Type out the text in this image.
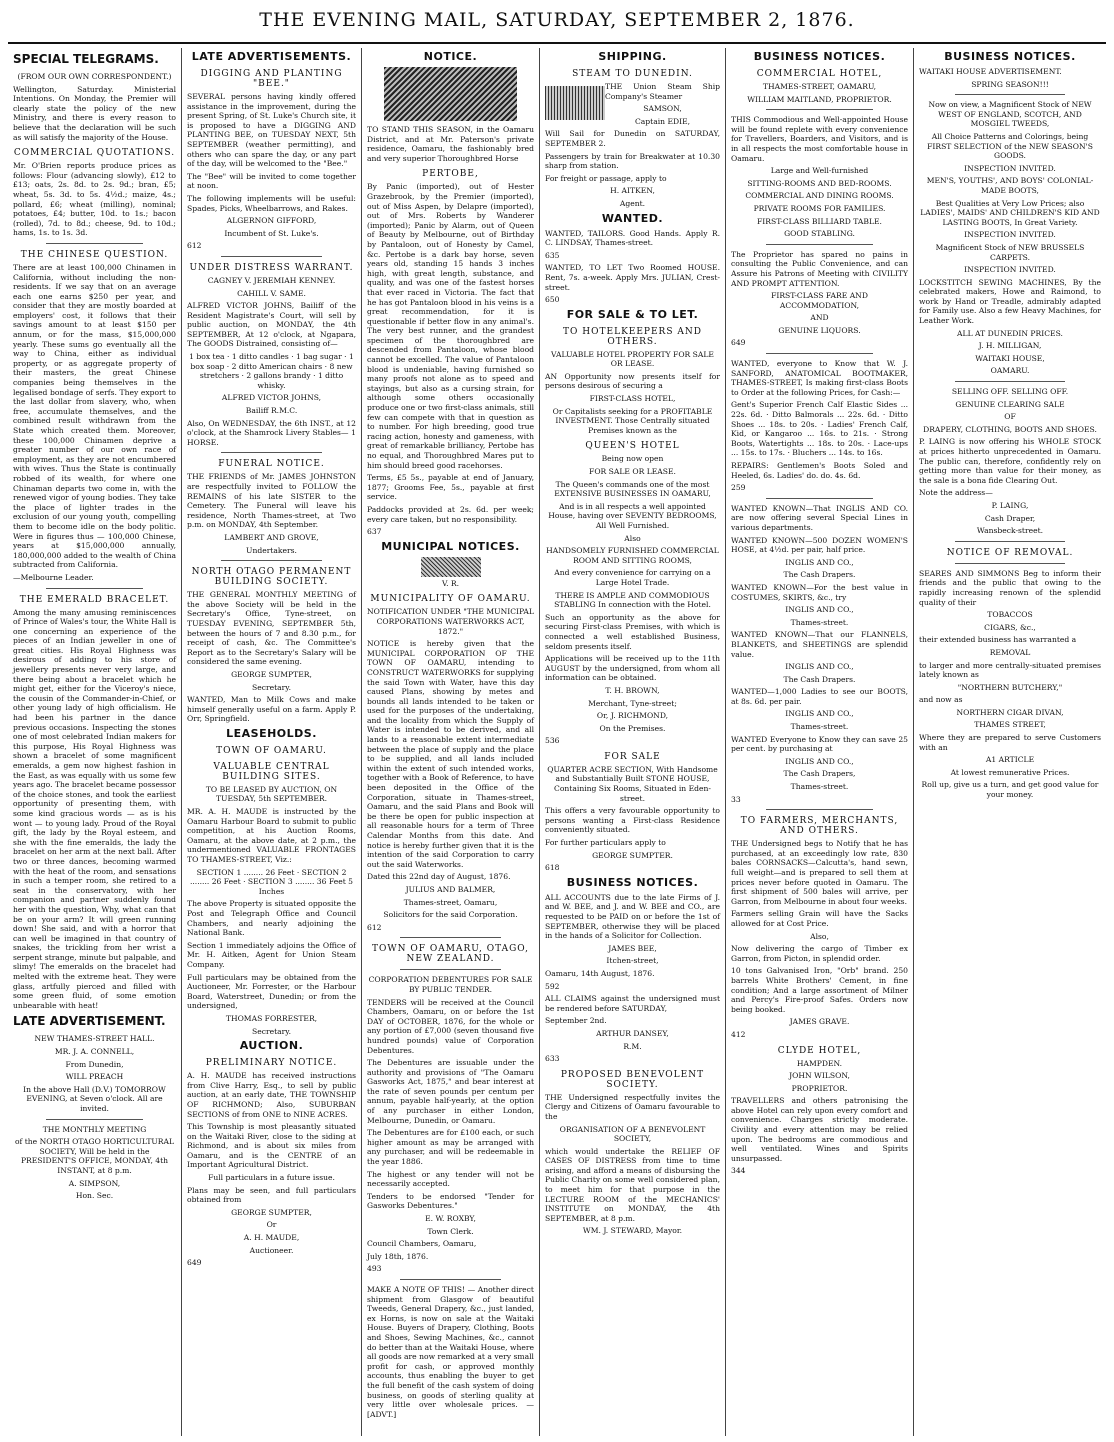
THE EVENING MAIL, SATURDAY, SEPTEMBER 2, 1876.
SPECIAL TELEGRAMS.

(FROM OUR OWN CORRESPONDENT.)

Wellington, Saturday. Ministerial Intentions. On Monday, the Premier will clearly state the policy of the new Ministry, and there is every reason to believe that the declaration will be such as will satisfy the majority of the House.

COMMERCIAL QUOTATIONS.

Mr. O'Brien reports produce prices as follows: Flour (advancing slowly), £12 to £13; oats, 2s. 8d. to 2s. 9d.; bran, £5; wheat, 5s. 3d. to 5s. 4½d.; maize, 4s.; pollard, £6; wheat (milling), nominal; potatoes, £4; butter, 10d. to 1s.; bacon (rolled), 7d. to 8d.; cheese, 9d. to 10d.; hams, 1s. to 1s. 3d.

THE CHINESE QUESTION.

There are at least 100,000 Chinamen in California, without including the non-residents. If we say that on an average each one earns $250 per year, and consider that they are mostly boarded at employers' cost, it follows that their savings amount to at least $150 per annum, or for the mass, $15,000,000 yearly. These sums go eventually all the way to China, either as individual property, or as aggregate property of their masters, the great Chinese companies being themselves in the legalised bondage of serfs. They export to the last dollar from slavery, who, when free, accumulate themselves, and the combined result withdrawn from the State which created them. Moreover, these 100,000 Chinamen deprive a greater number of our own race of employment, as they are not encumbered with wives. Thus the State is continually robbed of its wealth, for where one Chinaman departs two come in, with the renewed vigor of young bodies. They take the place of lighter trades in the exclusion of our young youth, compelling them to become idle on the body politic. Were in figures thus — 100,000 Chinese, years at $15,000,000 annually, 180,000,000 added to the wealth of China subtracted from California.

—Melbourne Leader.

THE EMERALD BRACELET.

Among the many amusing reminiscences of Prince of Wales's tour, the White Hall is one concerning an experience of the pieces of an Indian jeweller in one of great cities. His Royal Highness was desirous of adding to his store of jewellery presents never very large, and there being about a bracelet which he might get, either for the Viceroy's niece, the cousin of the Commander-in-Chief, or other young lady of high officialism. He had been his partner in the dance previous occasions. Inspecting the stones one of most celebrated Indian makers for this purpose, His Royal Highness was shown a bracelet of some magnificent emeralds, a gem now highest fashion in the East, as was equally with us some few years ago. The bracelet became possessor of the choice stones, and took the earliest opportunity of presenting them, with some kind gracious words — as is his wont — to young lady. Proud of the Royal gift, the lady by the Royal esteem, and she with the fine emeralds, the lady the bracelet on her arm at the next ball. After two or three dances, becoming warmed with the heat of the room, and sensations in such a temper room, she retired to a seat in the conservatory, with her companion and partner suddenly found her with the question, Why, what can that be on your arm? It will green running down! She said, and with a horror that can well be imagined in that country of snakes, the trickling from her wrist a serpent strange, minute but palpable, and slimy! The emeralds on the bracelet had melted with the extreme heat. They were glass, artfully pierced and filled with some green fluid, of some emotion unbearable with heat!

LATE ADVERTISEMENT.

NEW THAMES-STREET HALL.

MR. J. A. CONNELL,

From Dunedin,

WILL PREACH

In the above Hall (D.V.) TOMORROW EVENING, at Seven o'clock. All are invited.

THE MONTHLY MEETING

of the NORTH OTAGO HORTICULTURAL SOCIETY, Will be held in the PRESIDENT'S OFFICE, MONDAY, 4th INSTANT, at 8 p.m.

A. SIMPSON,

Hon. Sec.

LATE ADVERTISEMENTS.
DIGGING AND PLANTING "BEE."

SEVERAL persons having kindly offered assistance in the improvement, during the present Spring, of St. Luke's Church site, it is proposed to have a DIGGING AND PLANTING BEE, on TUESDAY NEXT, 5th SEPTEMBER (weather permitting), and others who can spare the day, or any part of the day, will be welcomed to the "Bee."

The "Bee" will be invited to come together at noon.

The following implements will be useful: Spades, Picks, Wheelbarrows, and Rakes.

ALGERNON GIFFORD,

Incumbent of St. Luke's.

612

UNDER DISTRESS WARRANT.

CAGNEY V. JEREMIAH KENNEY.

CAHILL V. SAME.

ALFRED VICTOR JOHNS, Bailiff of the Resident Magistrate's Court, will sell by public auction, on MONDAY, the 4th SEPTEMBER, At 12 o'clock, at Ngapara, The GOODS Distrained, consisting of—

1 box tea · 1 ditto candles · 1 bag sugar · 1 box soap · 2 ditto American chairs · 8 new stretchers · 2 gallons brandy · 1 ditto whisky.

ALFRED VICTOR JOHNS,

Bailiff R.M.C.

Also, On WEDNESDAY, the 6th INST., at 12 o'clock, at the Shamrock Livery Stables— 1 HORSE.

FUNERAL NOTICE.

THE FRIENDS of Mr. JAMES JOHNSTON are respectfully invited to FOLLOW the REMAINS of his late SISTER to the Cemetery. The Funeral will leave his residence, North Thames-street, at Two p.m. on MONDAY, 4th September.

LAMBERT AND GROVE,

Undertakers.

NORTH OTAGO PERMANENT BUILDING SOCIETY.

THE GENERAL MONTHLY MEETING of the above Society will be held in the Secretary's Office, Tyne-street, on TUESDAY EVENING, SEPTEMBER 5th, between the hours of 7 and 8.30 p.m., for receipt of cash, &c. The Committee's Report as to the Secretary's Salary will be considered the same evening.

GEORGE SUMPTER,

Secretary.

WANTED, Man to Milk Cows and make himself generally useful on a farm. Apply P. Orr, Springfield.

LEASEHOLDS.
TOWN OF OAMARU.
VALUABLE CENTRAL BUILDING SITES.

TO BE LEASED BY AUCTION, ON TUESDAY, 5th SEPTEMBER.

MR. A. H. MAUDE is instructed by the Oamaru Harbour Board to submit to public competition, at his Auction Rooms, Oamaru, at the above date, at 2 p.m., the undermentioned VALUABLE FRONTAGES TO THAMES-STREET, Viz.:

SECTION 1 ........ 26 Feet · SECTION 2 ........ 26 Feet · SECTION 3 ........ 36 Feet 5 Inches

The above Property is situated opposite the Post and Telegraph Office and Council Chambers, and nearly adjoining the National Bank.

Section 1 immediately adjoins the Office of Mr. H. Aitken, Agent for Union Steam Company.

Full particulars may be obtained from the Auctioneer, Mr. Forrester, or the Harbour Board, Waterstreet, Dunedin; or from the undersigned,

THOMAS FORRESTER,

Secretary.

AUCTION.
PRELIMINARY NOTICE.

A. H. MAUDE has received instructions from Clive Harry, Esq., to sell by public auction, at an early date, THE TOWNSHIP OF RICHMOND; Also, SUBURBAN SECTIONS of from ONE to NINE ACRES.

This Township is most pleasantly situated on the Waitaki River, close to the siding at Richmond, and is about six miles from Oamaru, and is the CENTRE of an Important Agricultural District.

Full particulars in a future issue.

Plans may be seen, and full particulars obtained from

GEORGE SUMPTER,

Or

A. H. MAUDE,

Auctioneer.

649

NOTICE.

TO STAND THIS SEASON, in the Oamaru District, and at Mr. Paterson's private residence, Oamaru, the fashionably bred and very superior Thoroughbred Horse

PERTOBE,

By Panic (imported), out of Hester Grazebrook, by the Premier (imported), out of Miss Aspen, by Delapre (imported), out of Mrs. Roberts by Wanderer (imported); Panic by Alarm, out of Queen of Beauty by Melbourne, out of Birthday by Pantaloon, out of Honesty by Camel, &c. Pertobe is a dark bay horse, seven years old, standing 15 hands 3 inches high, with great length, substance, and quality, and was one of the fastest horses that ever raced in Victoria. The fact that he has got Pantaloon blood in his veins is a great recommendation, for it is questionable if better flow in any animal's. The very best runner, and the grandest specimen of the thoroughbred are descended from Pantaloon, whose blood cannot be excelled. The value of Pantaloon blood is undeniable, having furnished so many proofs not alone as to speed and stayings, but also as a cursing strain, for although some others occasionally produce one or two first-class animals, still few can compete with that in question as to number. For high breeding, good true racing action, honesty and gameness, with great of remarkable brilliancy, Pertobe has no equal, and Thoroughbred Mares put to him should breed good racehorses.

Terms, £5 5s., payable at end of January, 1877; Grooms Fee, 5s., payable at first service.

Paddocks provided at 2s. 6d. per week; every care taken, but no responsibility.

637

MUNICIPAL NOTICES.

V. R.

MUNICIPALITY OF OAMARU.

NOTIFICATION UNDER "THE MUNICIPAL CORPORATIONS WATERWORKS ACT, 1872."

NOTICE is hereby given that the MUNICIPAL CORPORATION OF THE TOWN OF OAMARU, intending to CONSTRUCT WATERWORKS for supplying the said Town with Water, have this day caused Plans, showing by metes and bounds all lands intended to be taken or used for the purposes of the undertaking, and the locality from which the Supply of Water is intended to be derived, and all lands to a reasonable extent intermediate between the place of supply and the place to be supplied, and all lands included within the extent of such intended works, together with a Book of Reference, to have been deposited in the Office of the Corporation, situate in Thames-street, Oamaru, and the said Plans and Book will be there be open for public inspection at all reasonable hours for a term of Three Calendar Months from this date. And notice is hereby further given that it is the intention of the said Corporation to carry out the said Waterworks.

Dated this 22nd day of August, 1876.

JULIUS AND BALMER,

Thames-street, Oamaru,

Solicitors for the said Corporation.

612

TOWN OF OAMARU, OTAGO, NEW ZEALAND.

CORPORATION DEBENTURES FOR SALE BY PUBLIC TENDER.

TENDERS will be received at the Council Chambers, Oamaru, on or before the 1st DAY of OCTOBER, 1876, for the whole or any portion of £7,000 (seven thousand five hundred pounds) value of Corporation Debentures.

The Debentures are issuable under the authority and provisions of "The Oamaru Gasworks Act, 1875," and bear interest at the rate of seven pounds per centum per annum, payable half-yearly, at the option of any purchaser in either London, Melbourne, Dunedin, or Oamaru.

The Debentures are for £100 each, or such higher amount as may be arranged with any purchaser, and will be redeemable in the year 1886.

The highest or any tender will not be necessarily accepted.

Tenders to be endorsed "Tender for Gasworks Debentures."

E. W. ROXBY,

Town Clerk.

Council Chambers, Oamaru,

July 18th, 1876.

493

MAKE A NOTE OF THIS! — Another direct shipment from Glasgow of beautiful Tweeds, General Drapery, &c., just landed, ex Horns, is now on sale at the Waitaki House. Buyers of Drapery, Clothing, Boots and Shoes, Sewing Machines, &c., cannot do better than at the Waitaki House, where all goods are now remarked at a very small profit for cash, or approved monthly accounts, thus enabling the buyer to get the full benefit of the cash system of doing business, on goods of sterling quality at very little over wholesale prices. — [ADVT.]

SHIPPING.
STEAM TO DUNEDIN.

THE Union Steam Ship Company's Steamer

SAMSON,

Captain EDIE,

Will Sail for Dunedin on SATURDAY, SEPTEMBER 2.

Passengers by train for Breakwater at 10.30 sharp from station.

For freight or passage, apply to

H. AITKEN,

Agent.

WANTED.

WANTED, TAILORS. Good Hands. Apply R. C. LINDSAY, Thames-street.

635

WANTED, TO LET Two Roomed HOUSE. Rent, 7s. a-week. Apply Mrs. JULIAN, Crest-street.

650

FOR SALE & TO LET.
TO HOTELKEEPERS AND OTHERS.

VALUABLE HOTEL PROPERTY FOR SALE OR LEASE.

AN Opportunity now presents itself for persons desirous of securing a

FIRST-CLASS HOTEL,

Or Capitalists seeking for a PROFITABLE INVESTMENT. Those Centrally situated Premises known as the

QUEEN'S HOTEL

Being now open

FOR SALE OR LEASE.

The Queen's commands one of the most EXTENSIVE BUSINESSES IN OAMARU,

And is in all respects a well appointed House, having over SEVENTY BEDROOMS, All Well Furnished.

Also

HANDSOMELY FURNISHED COMMERCIAL ROOM AND SITTING ROOMS,

And every convenience for carrying on a Large Hotel Trade.

THERE IS AMPLE AND COMMODIOUS STABLING In connection with the Hotel.

Such an opportunity as the above for securing First-class Premises, with which is connected a well established Business, seldom presents itself.

Applications will be received up to the 11th AUGUST by the undersigned, from whom all information can be obtained.

T. H. BROWN,

Merchant, Tyne-street;

Or, J. RICHMOND,

On the Premises.

536

FOR SALE

QUARTER ACRE SECTION, With Handsome and Substantially Built STONE HOUSE, Containing Six Rooms, Situated in Eden-street.

This offers a very favourable opportunity to persons wanting a First-class Residence conveniently situated.

For further particulars apply to

GEORGE SUMPTER.

618

BUSINESS NOTICES.

ALL ACCOUNTS due to the late Firms of J. and W. BEE, and J. and W. BEE and CO., are requested to be PAID on or before the 1st of SEPTEMBER, otherwise they will be placed in the hands of a Solicitor for Collection.

JAMES BEE,

Itchen-street,

Oamaru, 14th August, 1876.

592

ALL CLAIMS against the undersigned must be rendered before SATURDAY,

September 2nd.

ARTHUR DANSEY,

R.M.

633

PROPOSED BENEVOLENT SOCIETY.

THE Undersigned respectfully invites the Clergy and Citizens of Oamaru favourable to the

ORGANISATION OF A BENEVOLENT SOCIETY,

which would undertake the RELIEF OF CASES OF DISTRESS from time to time arising, and afford a means of disbursing the Public Charity on some well considered plan, to meet him for that purpose in the LECTURE ROOM of the MECHANICS' INSTITUTE on MONDAY, the 4th SEPTEMBER, at 8 p.m.

WM. J. STEWARD, Mayor.

BUSINESS NOTICES.
COMMERCIAL HOTEL,

THAMES-STREET, OAMARU,

WILLIAM MAITLAND, PROPRIETOR.

THIS Commodious and Well-appointed House will be found replete with every convenience for Travellers, Boarders, and Visitors, and is in all respects the most comfortable house in Oamaru.

Large and Well-furnished

SITTING-ROOMS AND BED-ROOMS.

COMMERCIAL AND DINING ROOMS.

PRIVATE ROOMS FOR FAMILIES.

FIRST-CLASS BILLIARD TABLE.

GOOD STABLING.

The Proprietor has spared no pains in consulting the Public Convenience, and can Assure his Patrons of Meeting with CIVILITY AND PROMPT ATTENTION.

FIRST-CLASS FARE AND ACCOMMODATION,

AND

GENUINE LIQUORS.

649

WANTED, everyone to Know that W. J. SANFORD, ANATOMICAL BOOTMAKER, THAMES-STREET, Is making first-class Boots to Order at the following Prices, for Cash:—

Gent's Superior French Calf Elastic Sides ... 22s. 6d. · Ditto Balmorals ... 22s. 6d. · Ditto Shoes ... 18s. to 20s. · Ladies' French Calf, Kid, or Kangaroo ... 16s. to 21s. · Strong Boots, Watertights ... 18s. to 20s. · Lace-ups ... 15s. to 17s. · Bluchers ... 14s. to 16s.

REPAIRS: Gentlemen's Boots Soled and Heeled, 6s. Ladies' do. do. 4s. 6d.

259

WANTED KNOWN—That INGLIS AND CO. are now offering several Special Lines in various departments.

WANTED KNOWN—500 DOZEN WOMEN'S HOSE, at 4½d. per pair, half price.

INGLIS AND CO.,

The Cash Drapers.

WANTED KNOWN—For the best value in COSTUMES, SKIRTS, &c., try

INGLIS AND CO.,

Thames-street.

WANTED KNOWN—That our FLANNELS, BLANKETS, and SHEETINGS are splendid value.

INGLIS AND CO.,

The Cash Drapers.

WANTED—1,000 Ladies to see our BOOTS, at 8s. 6d. per pair.

INGLIS AND CO.,

Thames-street.

WANTED Everyone to Know they can save 25 per cent. by purchasing at

INGLIS AND CO.,

The Cash Drapers,

Thames-street.

33

TO FARMERS, MERCHANTS, AND OTHERS.

THE Undersigned begs to Notify that he has purchased, at an exceedingly low rate, 830 bales CORNSACKS—Calcutta's, hand sewn, full weight—and is prepared to sell them at prices never before quoted in Oamaru. The first shipment of 500 bales will arrive, per Garron, from Melbourne in about four weeks.

Farmers selling Grain will have the Sacks allowed for at Cost Price.

Also,

Now delivering the cargo of Timber ex Garron, from Picton, in splendid order.

10 tons Galvanised Iron, "Orb" brand. 250 barrels White Brothers' Cement, in fine condition; And a large assortment of Milner and Percy's Fire-proof Safes. Orders now being booked.

JAMES GRAVE.

412

CLYDE HOTEL,

HAMPDEN.

JOHN WILSON,

PROPRIETOR.

TRAVELLERS and others patronising the above Hotel can rely upon every comfort and convenience. Charges strictly moderate. Civility and every attention may be relied upon. The bedrooms are commodious and well ventilated. Wines and Spirits unsurpassed.

344

BUSINESS NOTICES.

WAITAKI HOUSE ADVERTISEMENT.

SPRING SEASON!!!

Now on view, a Magnificent Stock of NEW WEST OF ENGLAND, SCOTCH, AND MOSGIEL TWEEDS,

All Choice Patterns and Colorings, being FIRST SELECTION of the NEW SEASON'S GOODS.

INSPECTION INVITED.

MEN'S, YOUTHS', AND BOYS' COLONIAL-MADE BOOTS,

Best Qualities at Very Low Prices; also LADIES', MAIDS' AND CHILDREN'S KID AND LASTING BOOTS, In Great Variety.

INSPECTION INVITED.

Magnificent Stock of NEW BRUSSELS CARPETS.

INSPECTION INVITED.

LOCKSTITCH SEWING MACHINES, By the celebrated makers, Howe and Raimond, to work by Hand or Treadle, admirably adapted for Family use. Also a few Heavy Machines, for Leather Work.

ALL AT DUNEDIN PRICES.

J. H. MILLIGAN,

WAITAKI HOUSE,

OAMARU.

SELLING OFF. SELLING OFF.

GENUINE CLEARING SALE

OF

DRAPERY, CLOTHING, BOOTS AND SHOES.

P. LAING is now offering his WHOLE STOCK at prices hitherto unprecedented in Oamaru. The public can, therefore, confidently rely on getting more than value for their money, as the sale is a bona fide Clearing Out.

Note the address—

P. LAING,

Cash Draper,

Wansbeck-street.

NOTICE OF REMOVAL.

SEARES AND SIMMONS Beg to inform their friends and the public that owing to the rapidly increasing renown of the splendid quality of their

TOBACCOS

CIGARS, &c.,

their extended business has warranted a

REMOVAL

to larger and more centrally-situated premises lately known as

"NORTHERN BUTCHERY,"

and now as

NORTHERN CIGAR DIVAN,

THAMES STREET,

Where they are prepared to serve Customers with an

A1 ARTICLE

At lowest remunerative Prices.

Roll up, give us a turn, and get good value for your money.
